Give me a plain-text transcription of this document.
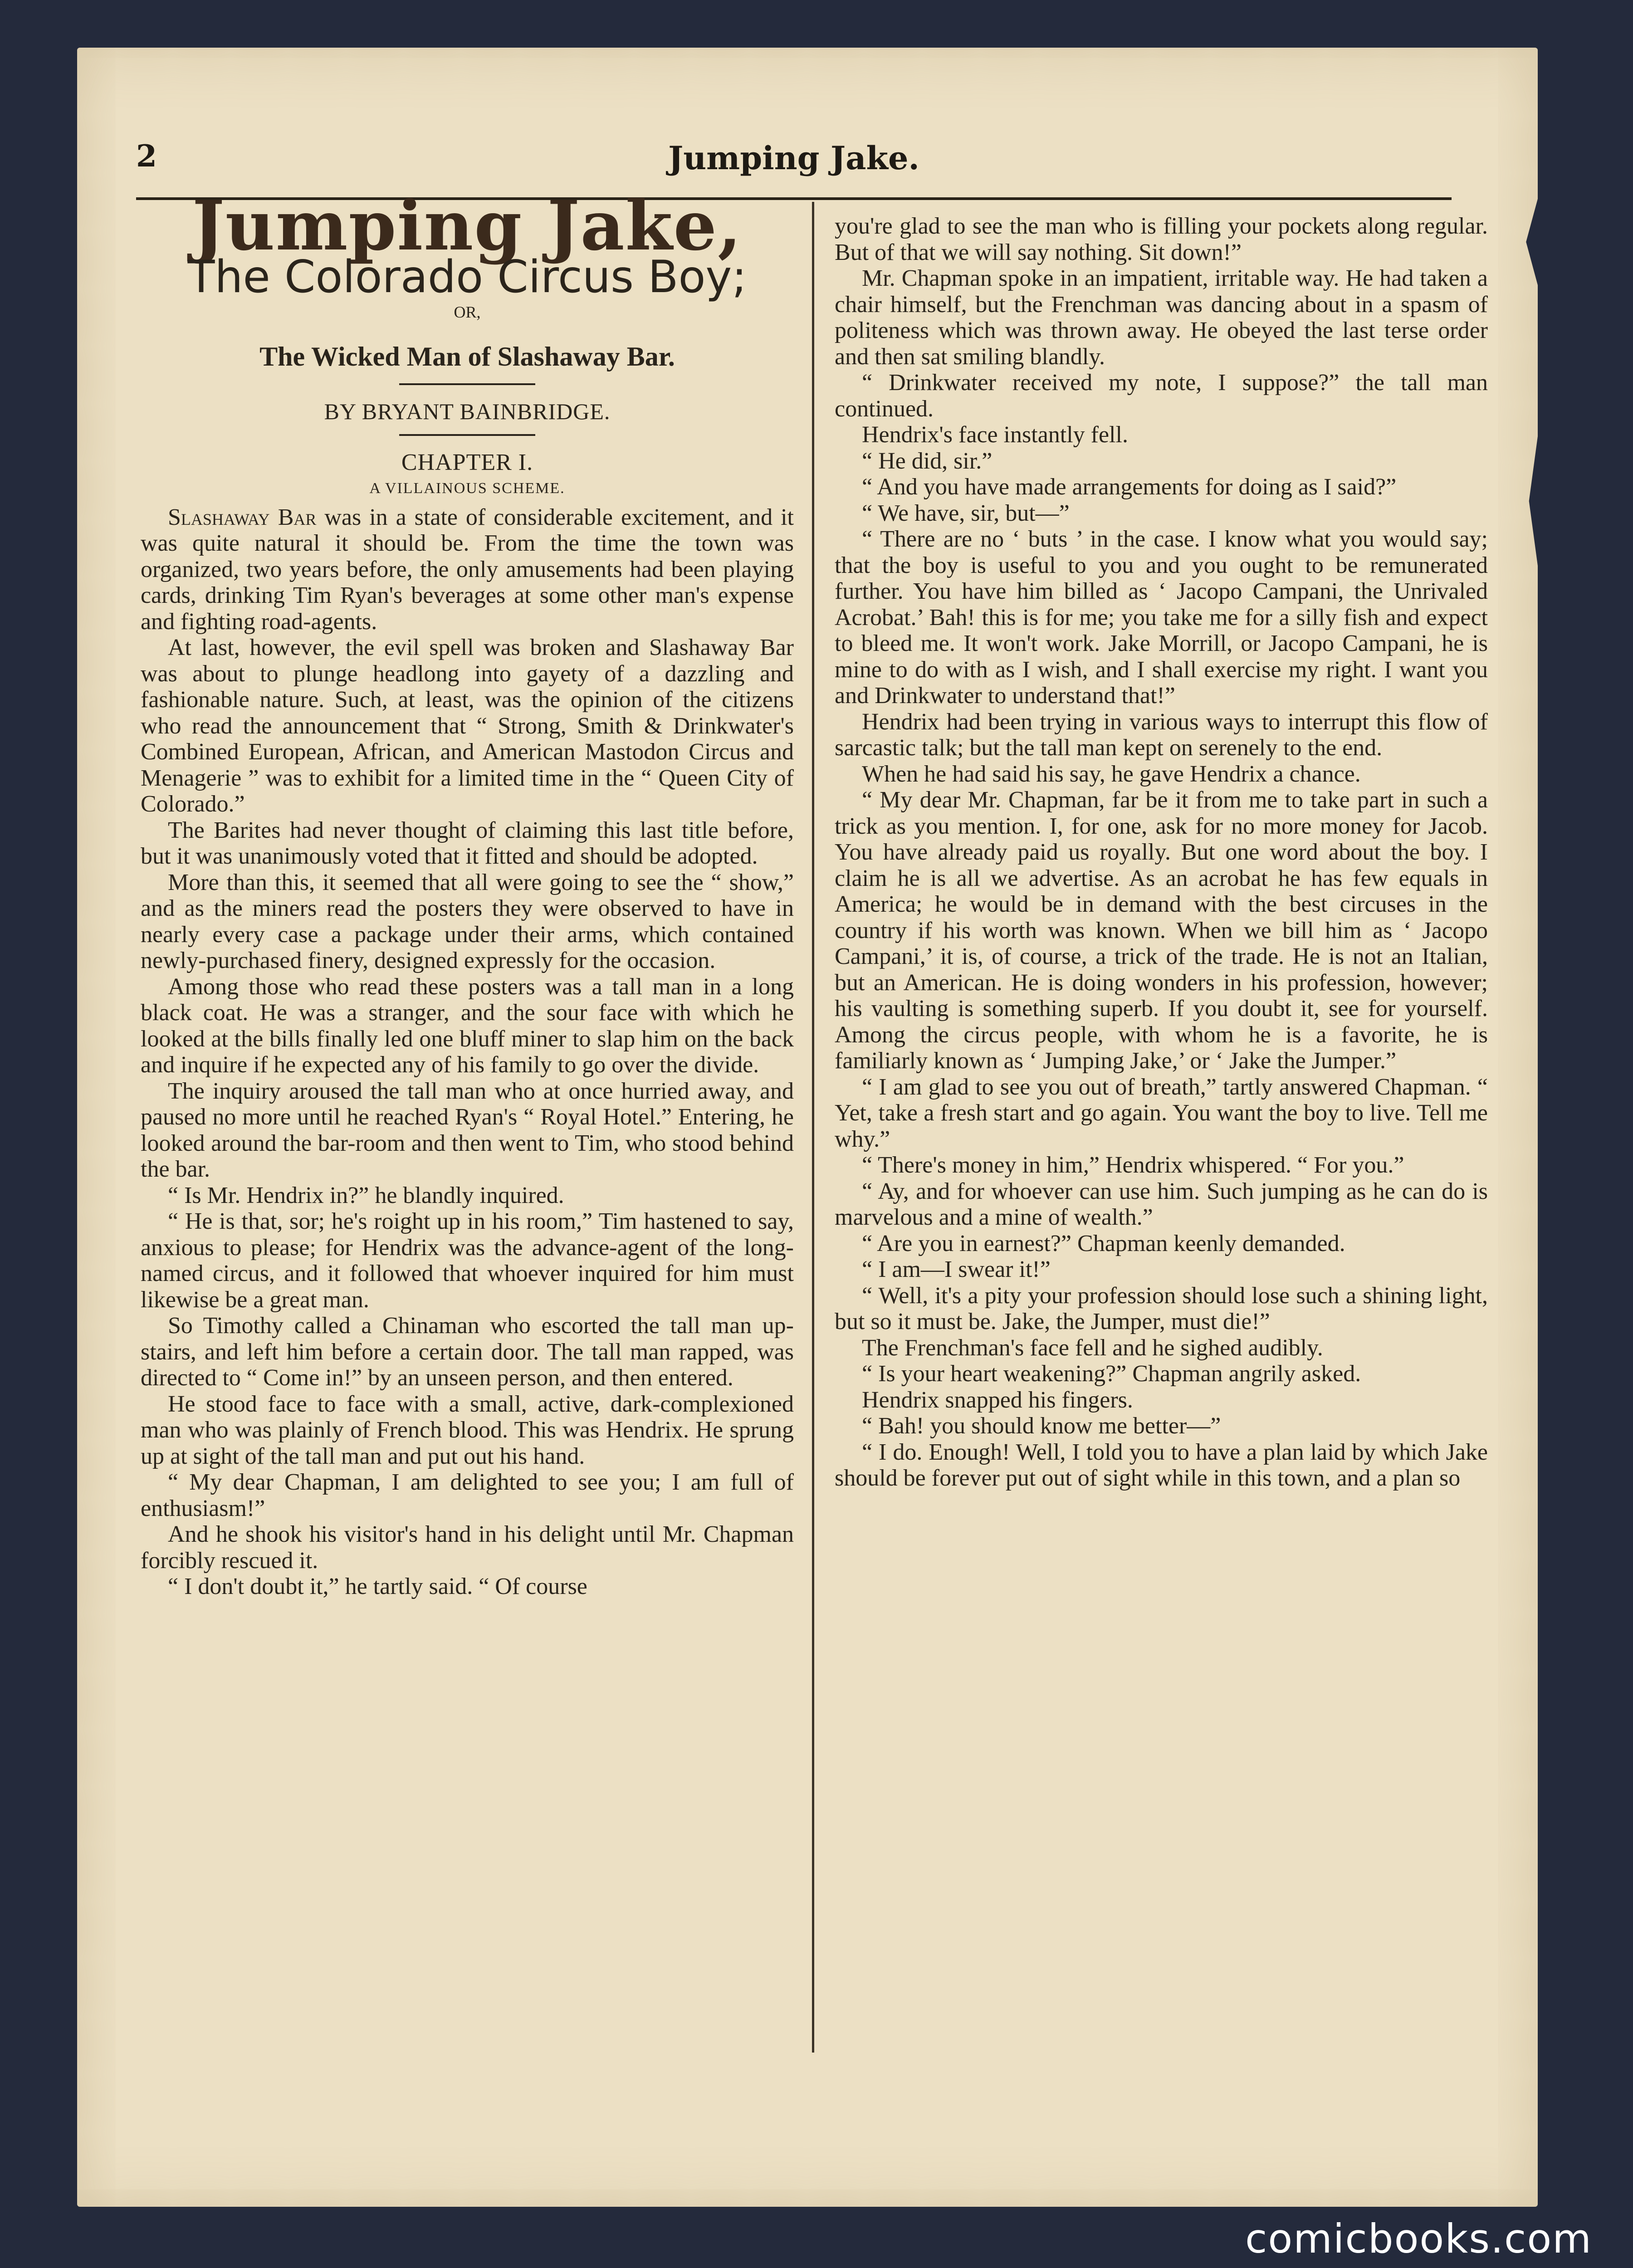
2	Jumping Jake.
Jumping Jake,
The Colorado Circus Boy;
OR,
The Wicked Man of Slashaway Bar.
BY BRYANT BAINBRIDGE.
CHAPTER I.
A VILLAINOUS SCHEME.

Slashaway Bar was in a state of considerable excitement, and it was quite natural it should be. From the time the town was organized, two years before, the only amusements had been playing cards, drinking Tim Ryan's beverages at some other man's expense and fighting road-agents.

At last, however, the evil spell was broken and Slashaway Bar was about to plunge headlong into gayety of a dazzling and fashionable nature. Such, at least, was the opinion of the citizens who read the announcement that “ Strong, Smith & Drinkwater's Combined European, African, and American Mastodon Circus and Menagerie ” was to exhibit for a limited time in the “ Queen City of Colorado.”

The Barites had never thought of claiming this last title before, but it was unanimously voted that it fitted and should be adopted.

More than this, it seemed that all were going to see the “ show,” and as the miners read the posters they were observed to have in nearly every case a package under their arms, which contained newly-purchased finery, designed expressly for the occasion.

Among those who read these posters was a tall man in a long black coat. He was a stranger, and the sour face with which he looked at the bills finally led one bluff miner to slap him on the back and inquire if he expected any of his family to go over the divide.

The inquiry aroused the tall man who at once hurried away, and paused no more until he reached Ryan's “ Royal Hotel.” Entering, he looked around the bar-room and then went to Tim, who stood behind the bar.

“ Is Mr. Hendrix in?” he blandly inquired.

“ He is that, sor; he's roight up in his room,” Tim hastened to say, anxious to please; for Hendrix was the advance-agent of the long-named circus, and it followed that whoever inquired for him must likewise be a great man.

So Timothy called a Chinaman who escorted the tall man up-stairs, and left him before a certain door. The tall man rapped, was directed to “ Come in!” by an unseen person, and then entered.

He stood face to face with a small, active, dark-complexioned man who was plainly of French blood. This was Hendrix. He sprung up at sight of the tall man and put out his hand.

“ My dear Chapman, I am delighted to see you; I am full of enthusiasm!”

And he shook his visitor's hand in his delight until Mr. Chapman forcibly rescued it.

“ I don't doubt it,” he tartly said. “ Of course

you're glad to see the man who is filling your pockets along regular. But of that we will say nothing. Sit down!”

Mr. Chapman spoke in an impatient, irritable way. He had taken a chair himself, but the Frenchman was dancing about in a spasm of politeness which was thrown away. He obeyed the last terse order and then sat smiling blandly.

“ Drinkwater received my note, I suppose?” the tall man continued.

Hendrix's face instantly fell.

“ He did, sir.”

“ And you have made arrangements for doing as I said?”

“ We have, sir, but—”

“ There are no ‘ buts ’ in the case. I know what you would say; that the boy is useful to you and you ought to be remunerated further. You have him billed as ‘ Jacopo Campani, the Unrivaled Acrobat.’ Bah! this is for me; you take me for a silly fish and expect to bleed me. It won't work. Jake Morrill, or Jacopo Campani, he is mine to do with as I wish, and I shall exercise my right. I want you and Drinkwater to understand that!”

Hendrix had been trying in various ways to interrupt this flow of sarcastic talk; but the tall man kept on serenely to the end.

When he had said his say, he gave Hendrix a chance.

“ My dear Mr. Chapman, far be it from me to take part in such a trick as you mention. I, for one, ask for no more money for Jacob. You have already paid us royally. But one word about the boy. I claim he is all we advertise. As an acrobat he has few equals in America; he would be in demand with the best circuses in the country if his worth was known. When we bill him as ‘ Jacopo Campani,’ it is, of course, a trick of the trade. He is not an Italian, but an American. He is doing wonders in his profession, however; his vaulting is something superb. If you doubt it, see for yourself. Among the circus people, with whom he is a favorite, he is familiarly known as ‘ Jumping Jake,’ or ‘ Jake the Jumper.”

“ I am glad to see you out of breath,” tartly answered Chapman. “ Yet, take a fresh start and go again. You want the boy to live. Tell me why.”

“ There's money in him,” Hendrix whispered. “ For you.”

“ Ay, and for whoever can use him. Such jumping as he can do is marvelous and a mine of wealth.”

“ Are you in earnest?” Chapman keenly demanded.

“ I am—I swear it!”

“ Well, it's a pity your profession should lose such a shining light, but so it must be. Jake, the Jumper, must die!”

The Frenchman's face fell and he sighed audibly.

“ Is your heart weakening?” Chapman angrily asked.

Hendrix snapped his fingers.

“ Bah! you should know me better—”

“ I do. Enough! Well, I told you to have a plan laid by which Jake should be forever put out of sight while in this town, and a plan so

comicbooks.com
